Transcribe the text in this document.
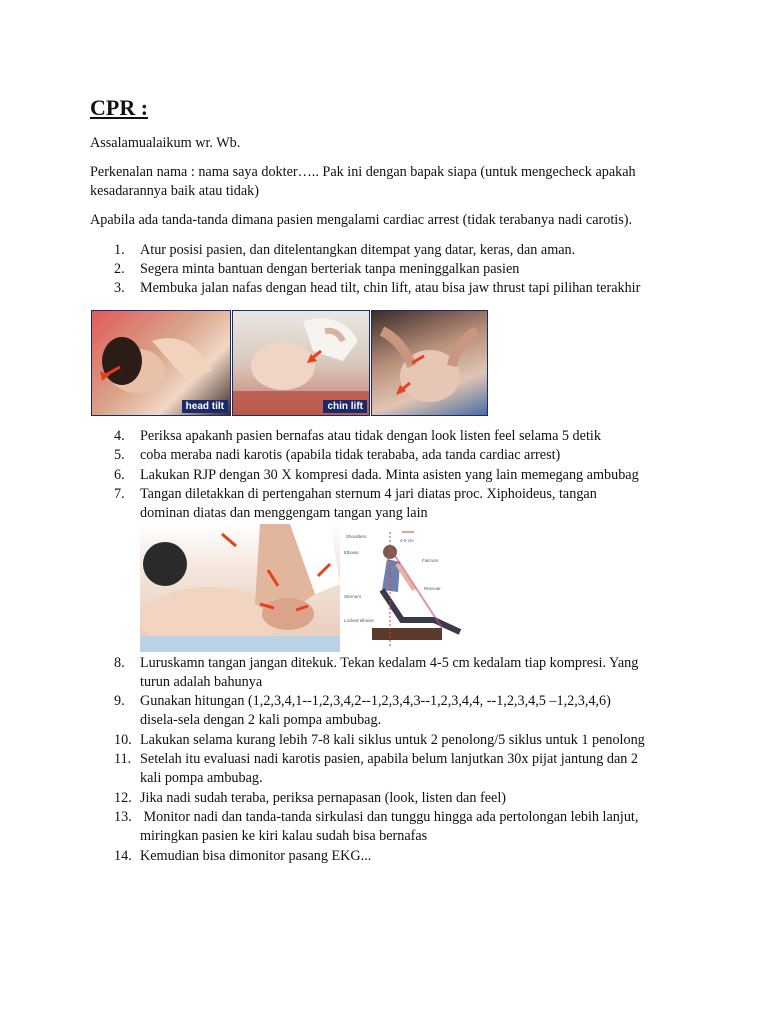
CPR :

Assalamualaikum wr. Wb.

Perkenalan nama : nama saya dokter….. Pak ini dengan bapak siapa (untuk mengecheck apakah
kesadarannya baik atau tidak)

Apabila ada tanda-tanda dimana pasien mengalami cardiac arrest (tidak terabanya nadi carotis).

1. Atur posisi pasien, dan ditelentangkan ditempat yang datar, keras, dan aman.
2. Segera minta bantuan dengan berteriak tanpa meninggalkan pasien
3. Membuka jalan nafas dengan head tilt, chin lift, atau bisa jaw thrust tapi pilihan terakhir
head tilt	chin lift
4. Periksa apakanh pasien bernafas atau tidak dengan look listen feel selama 5 detik
5. coba meraba nadi karotis (apabila tidak terababa, ada tanda cardiac arrest)
6. Lakukan RJP dengan 30 X kompresi dada. Minta asisten yang lain memegang ambubag
7. Tangan diletakkan di pertengahan sternum 4 jari diatas proc. Xiphoideus, tangan
dominan diatas dan menggengam tangan yang lain
Shoulders
4-5 cm
Elbows
Fulcrum
Rescuer
Sternum
Locked elbows
8. Luruskamn tangan jangan ditekuk. Tekan kedalam 4-5 cm kedalam tiap kompresi. Yang
turun adalah bahunya
9. Gunakan hitungan (1,2,3,4,1--1,2,3,4,2--1,2,3,4,3--1,2,3,4,4, --1,2,3,4,5 –1,2,3,4,6)
disela-sela dengan 2 kali pompa ambubag.
10. Lakukan selama kurang lebih 7-8 kali siklus untuk 2 penolong/5 siklus untuk 1 penolong
11. Setelah itu evaluasi nadi karotis pasien, apabila belum lanjutkan 30x pijat jantung dan 2
kali pompa ambubag.
12. Jika nadi sudah teraba, periksa pernapasan (look, listen dan feel)
13. Monitor nadi dan tanda-tanda sirkulasi dan tunggu hingga ada pertolongan lebih lanjut,
miringkan pasien ke kiri kalau sudah bisa bernafas
14. Kemudian bisa dimonitor pasang EKG...
